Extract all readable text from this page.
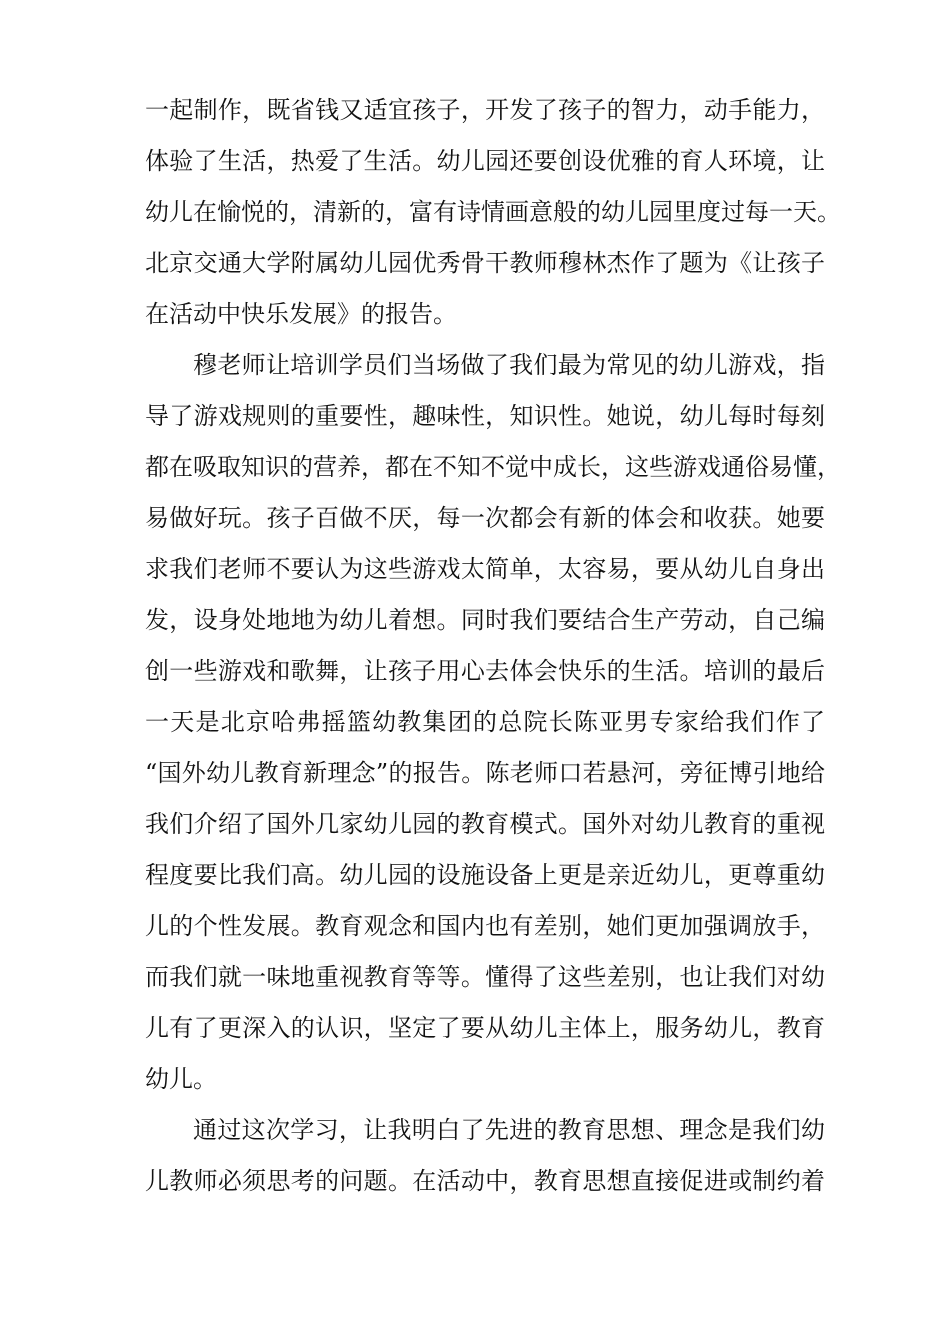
一起制作，既省钱又适宜孩子，开发了孩子的智力，动手能力，
体验了生活，热爱了生活。幼儿园还要创设优雅的育人环境，让
幼儿在愉悦的，清新的，富有诗情画意般的幼儿园里度过每一天。
北京交通大学附属幼儿园优秀骨干教师穆林杰作了题为《让孩子
在活动中快乐发展》的报告。
穆老师让培训学员们当场做了我们最为常见的幼儿游戏，指
导了游戏规则的重要性，趣味性，知识性。她说，幼儿每时每刻
都在吸取知识的营养，都在不知不觉中成长，这些游戏通俗易懂，
易做好玩。孩子百做不厌，每一次都会有新的体会和收获。她要
求我们老师不要认为这些游戏太简单，太容易，要从幼儿自身出
发，设身处地地为幼儿着想。同时我们要结合生产劳动，自己编
创一些游戏和歌舞，让孩子用心去体会快乐的生活。培训的最后
一天是北京哈弗摇篮幼教集团的总院长陈亚男专家给我们作了
“国外幼儿教育新理念”的报告。陈老师口若悬河，旁征博引地给
我们介绍了国外几家幼儿园的教育模式。国外对幼儿教育的重视
程度要比我们高。幼儿园的设施设备上更是亲近幼儿，更尊重幼
儿的个性发展。教育观念和国内也有差别，她们更加强调放手，
而我们就一味地重视教育等等。懂得了这些差别，也让我们对幼
儿有了更深入的认识，坚定了要从幼儿主体上，服务幼儿，教育
幼儿。
通过这次学习，让我明白了先进的教育思想、理念是我们幼
儿教师必须思考的问题。在活动中，教育思想直接促进或制约着
